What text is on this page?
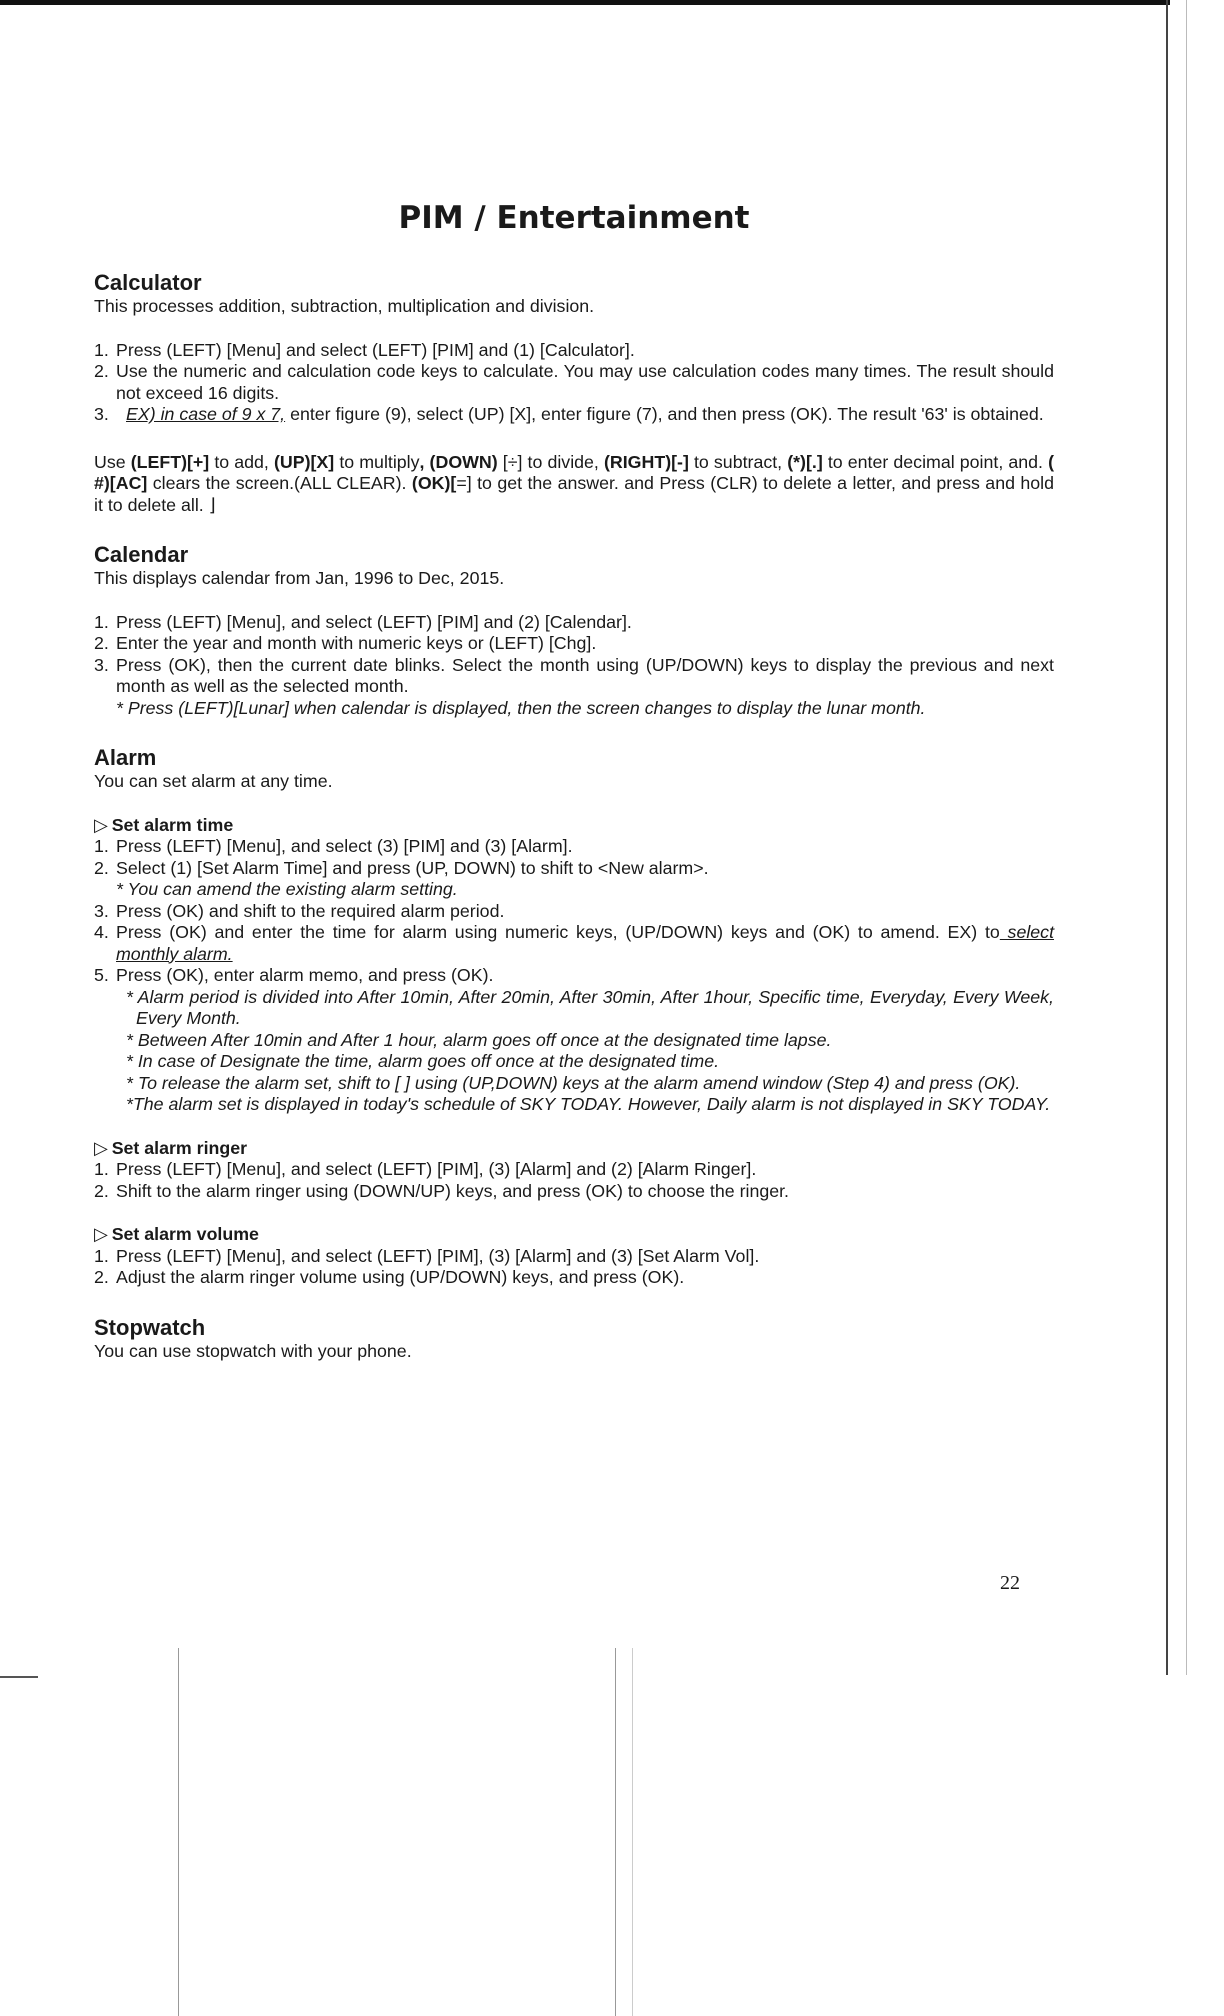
PIM / Entertainment
Calculator

This processes addition, subtraction, multiplication and division.

1. Press (LEFT) [Menu] and select (LEFT) [PIM] and (1) [Calculator].
2. Use the numeric and calculation code keys to calculate. You may use calculation codes many times. The result should not exceed 16 digits.
3. EX) in case of 9 x 7, enter figure (9), select (UP) [X], enter figure (7), and then press (OK). The result '63' is obtained.

Use (LEFT)[+] to add, (UP)[X] to multiply, (DOWN) [÷] to divide, (RIGHT)[-] to subtract, (*)[.] to enter decimal point, and. ( #)[AC] clears the screen.(ALL CLEAR). (OK)[=] to get the answer. and Press (CLR) to delete a letter, and press and hold it to delete all. ⌋

Calendar

This displays calendar from Jan, 1996 to Dec, 2015.

1. Press (LEFT) [Menu], and select (LEFT) [PIM] and (2) [Calendar].
2. Enter the year and month with numeric keys or (LEFT) [Chg].
3. Press (OK), then the current date blinks. Select the month using (UP/DOWN) keys to display the previous and next month as well as the selected month.

* Press (LEFT)[Lunar] when calendar is displayed, then the screen changes to display the lunar month.

Alarm

You can set alarm at any time.

▷ Set alarm time

1. Press (LEFT) [Menu], and select (3) [PIM] and (3) [Alarm].
2. Select (1) [Set Alarm Time] and press (UP, DOWN) to shift to <New alarm>.

* You can amend the existing alarm setting.

3. Press (OK) and shift to the required alarm period.
4. Press (OK) and enter the time for alarm using numeric keys, (UP/DOWN) keys and (OK) to amend. EX) to select monthly alarm.
5. Press (OK), enter alarm memo, and press (OK).

* Alarm period is divided into After 10min, After 20min, After 30min, After 1hour, Specific time, Everyday, Every Week, Every Month.

* Between After 10min and After 1 hour, alarm goes off once at the designated time lapse.

* In case of Designate the time, alarm goes off once at the designated time.

* To release the alarm set, shift to [ ] using (UP,DOWN) keys at the alarm amend window (Step 4) and press (OK).

*The alarm set is displayed in today's schedule of SKY TODAY. However, Daily alarm is not displayed in SKY TODAY.

▷ Set alarm ringer

1. Press (LEFT) [Menu], and select (LEFT) [PIM], (3) [Alarm] and (2) [Alarm Ringer].
2. Shift to the alarm ringer using (DOWN/UP) keys, and press (OK) to choose the ringer.

▷ Set alarm volume

1. Press (LEFT) [Menu], and select (LEFT) [PIM], (3) [Alarm] and (3) [Set Alarm Vol].
2. Adjust the alarm ringer volume using (UP/DOWN) keys, and press (OK).
Stopwatch

You can use stopwatch with your phone.

22
